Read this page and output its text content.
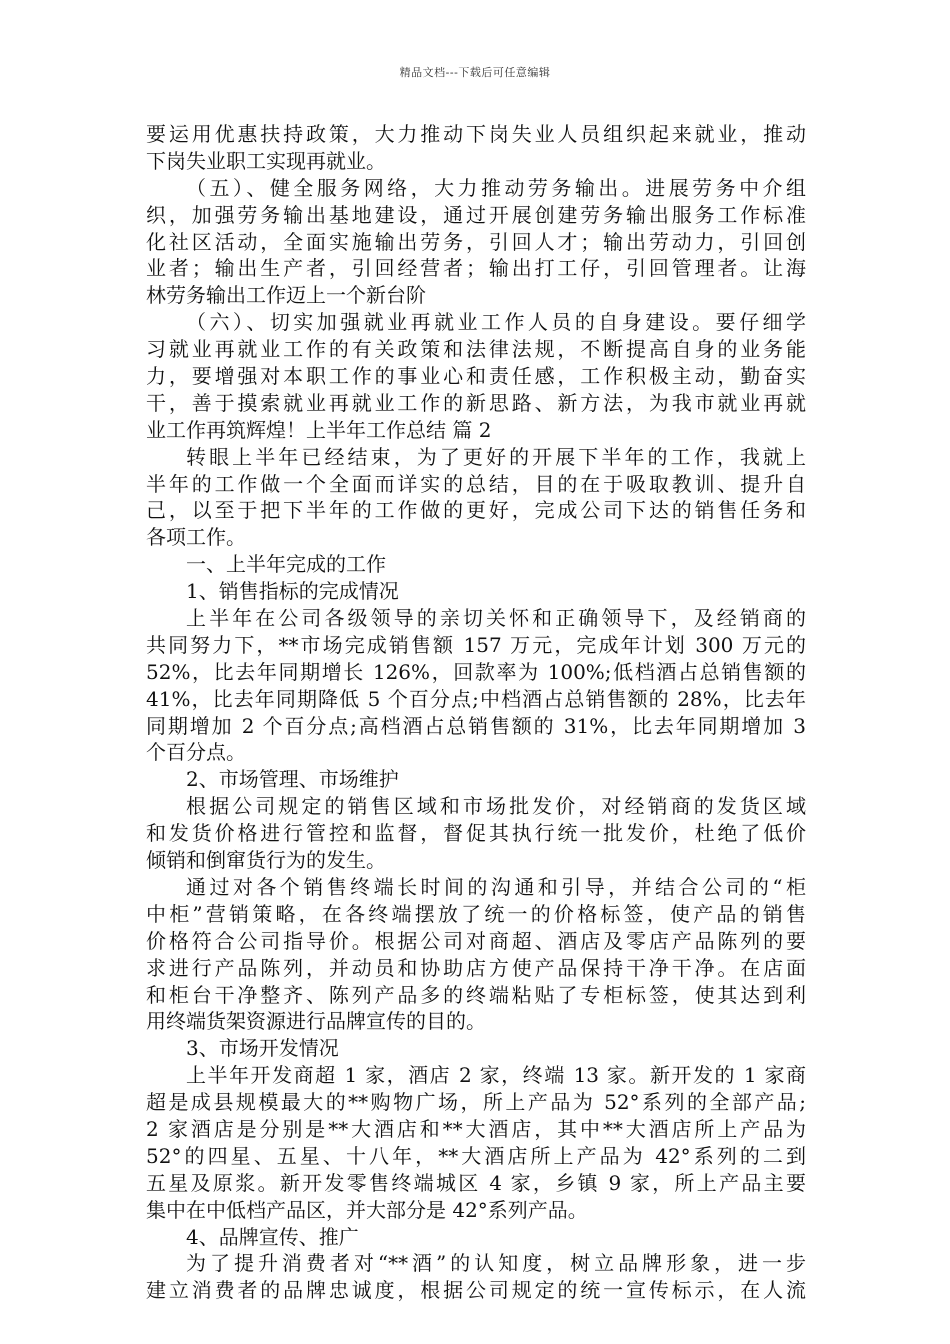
精品文档---下载后可任意编辑
要运用优惠扶持政策，大力推动下岗失业人员组织起来就业，推动
下岗失业职工实现再就业。
（五）、健全服务网络，大力推动劳务输出。进展劳务中介组
织，加强劳务输出基地建设，通过开展创建劳务输出服务工作标准
化社区活动，全面实施输出劳务，引回人才；输出劳动力，引回创
业者；输出生产者，引回经营者；输出打工仔，引回管理者。让海
林劳务输出工作迈上一个新台阶
（六）、切实加强就业再就业工作人员的自身建设。要仔细学
习就业再就业工作的有关政策和法律法规，不断提高自身的业务能
力，要增强对本职工作的事业心和责任感，工作积极主动，勤奋实
干，善于摸索就业再就业工作的新思路、新方法，为我市就业再就
业工作再筑辉煌！上半年工作总结 篇 2
转眼上半年已经结束，为了更好的开展下半年的工作，我就上
半年的工作做一个全面而详实的总结，目的在于吸取教训、提升自
己，以至于把下半年的工作做的更好，完成公司下达的销售任务和
各项工作。
一、上半年完成的工作
1、销售指标的完成情况
上半年在公司各级领导的亲切关怀和正确领导下，及经销商的
共同努力下，**市场完成销售额 157 万元，完成年计划 300 万元的
52%，比去年同期增长 126%，回款率为 100%;低档酒占总销售额的
41%，比去年同期降低 5 个百分点;中档酒占总销售额的 28%，比去年
同期增加 2 个百分点;高档酒占总销售额的 31%，比去年同期增加 3
个百分点。
2、市场管理、市场维护
根据公司规定的销售区域和市场批发价，对经销商的发货区域
和发货价格进行管控和监督，督促其执行统一批发价，杜绝了低价
倾销和倒窜货行为的发生。
通过对各个销售终端长时间的沟通和引导，并结合公司的“柜
中柜”营销策略，在各终端摆放了统一的价格标签，使产品的销售
价格符合公司指导价。根据公司对商超、酒店及零店产品陈列的要
求进行产品陈列，并动员和协助店方使产品保持干净干净。在店面
和柜台干净整齐、陈列产品多的终端粘贴了专柜标签，使其达到利
用终端货架资源进行品牌宣传的目的。
3、市场开发情况
上半年开发商超 1 家，酒店 2 家，终端 13 家。新开发的 1 家商
超是成县规模最大的**购物广场，所上产品为 52°系列的全部产品;
2 家酒店是分别是**大酒店和**大酒店，其中**大酒店所上产品为
52°的四星、五星、十八年，**大酒店所上产品为 42°系列的二到
五星及原浆。新开发零售终端城区 4 家，乡镇 9 家，所上产品主要
集中在中低档产品区，并大部分是 42°系列产品。
4、品牌宣传、推广
为了提升消费者对“**酒”的认知度，树立品牌形象，进一步
建立消费者的品牌忠诚度，根据公司规定的统一宣传标示，在人流
